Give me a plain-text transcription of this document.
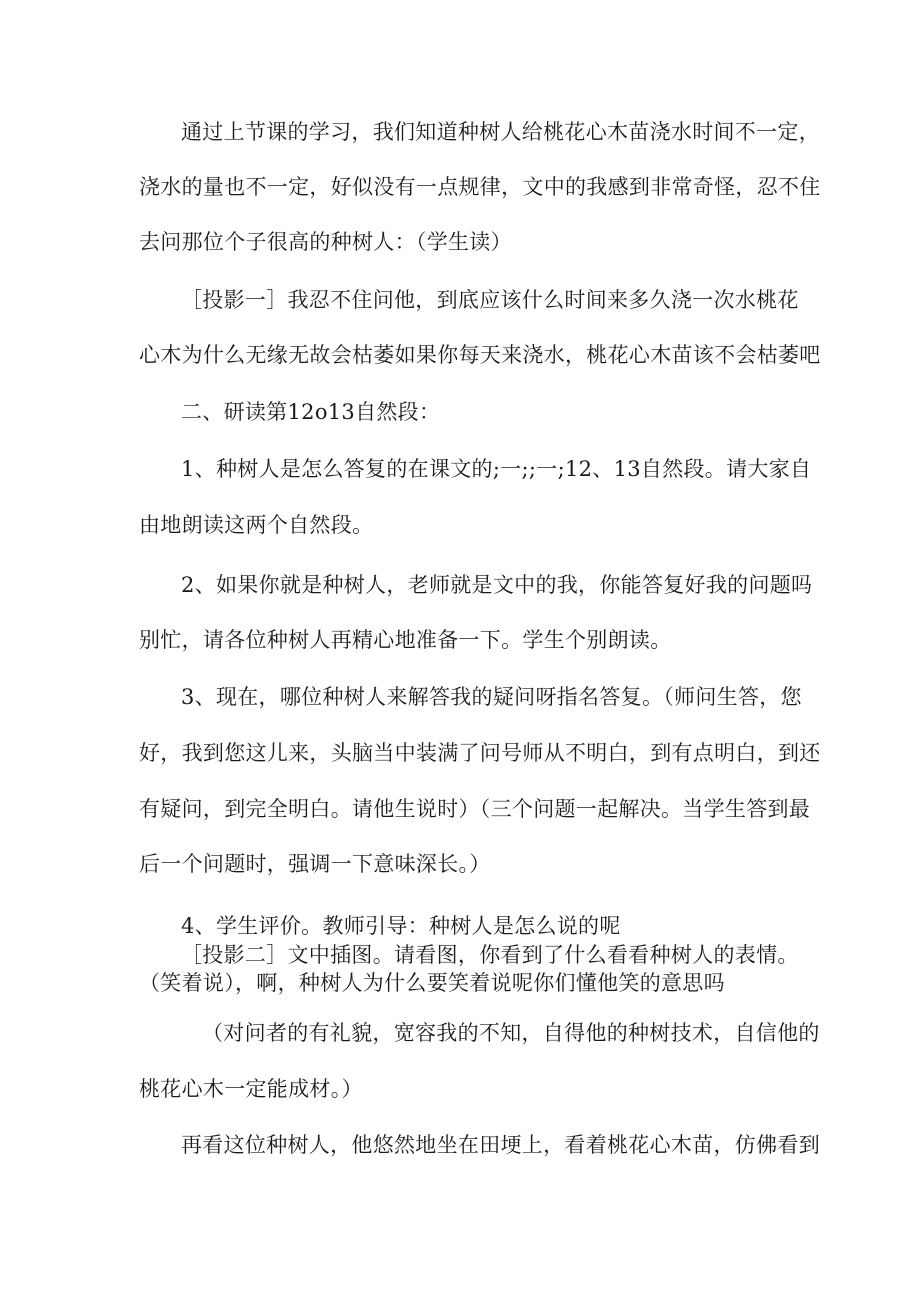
通过上节课的学习，我们知道种树人给桃花心木苗浇水时间不一定，
浇水的量也不一定，好似没有一点规律，文中的我感到非常奇怪，忍不住
去问那位个子很高的种树人：（学生读）
［投影一］我忍不住问他，到底应该什么时间来多久浇一次水桃花
心木为什么无缘无故会枯萎如果你每天来浇水，桃花心木苗该不会枯萎吧
二、研读第12o13自然段：
1、种树人是怎么答复的在课文的;一;;一;12、13自然段。请大家自
由地朗读这两个自然段。
2、如果你就是种树人，老师就是文中的我，你能答复好我的问题吗
别忙，请各位种树人再精心地准备一下。学生个别朗读。
3、现在，哪位种树人来解答我的疑问呀指名答复。（师问生答，您
好，我到您这儿来，头脑当中装满了问号师从不明白，到有点明白，到还
有疑问，到完全明白。请他生说时）（三个问题一起解决。当学生答到最
后一个问题时，强调一下意味深长。）
4、学生评价。教师引导：种树人是怎么说的呢
［投影二］文中插图。请看图，你看到了什么看看种树人的表情。
（笑着说），啊，种树人为什么要笑着说呢你们懂他笑的意思吗
（对问者的有礼貌，宽容我的不知，自得他的种树技术，自信他的
桃花心木一定能成材。）
再看这位种树人，他悠然地坐在田埂上，看着桃花心木苗，仿佛看到
